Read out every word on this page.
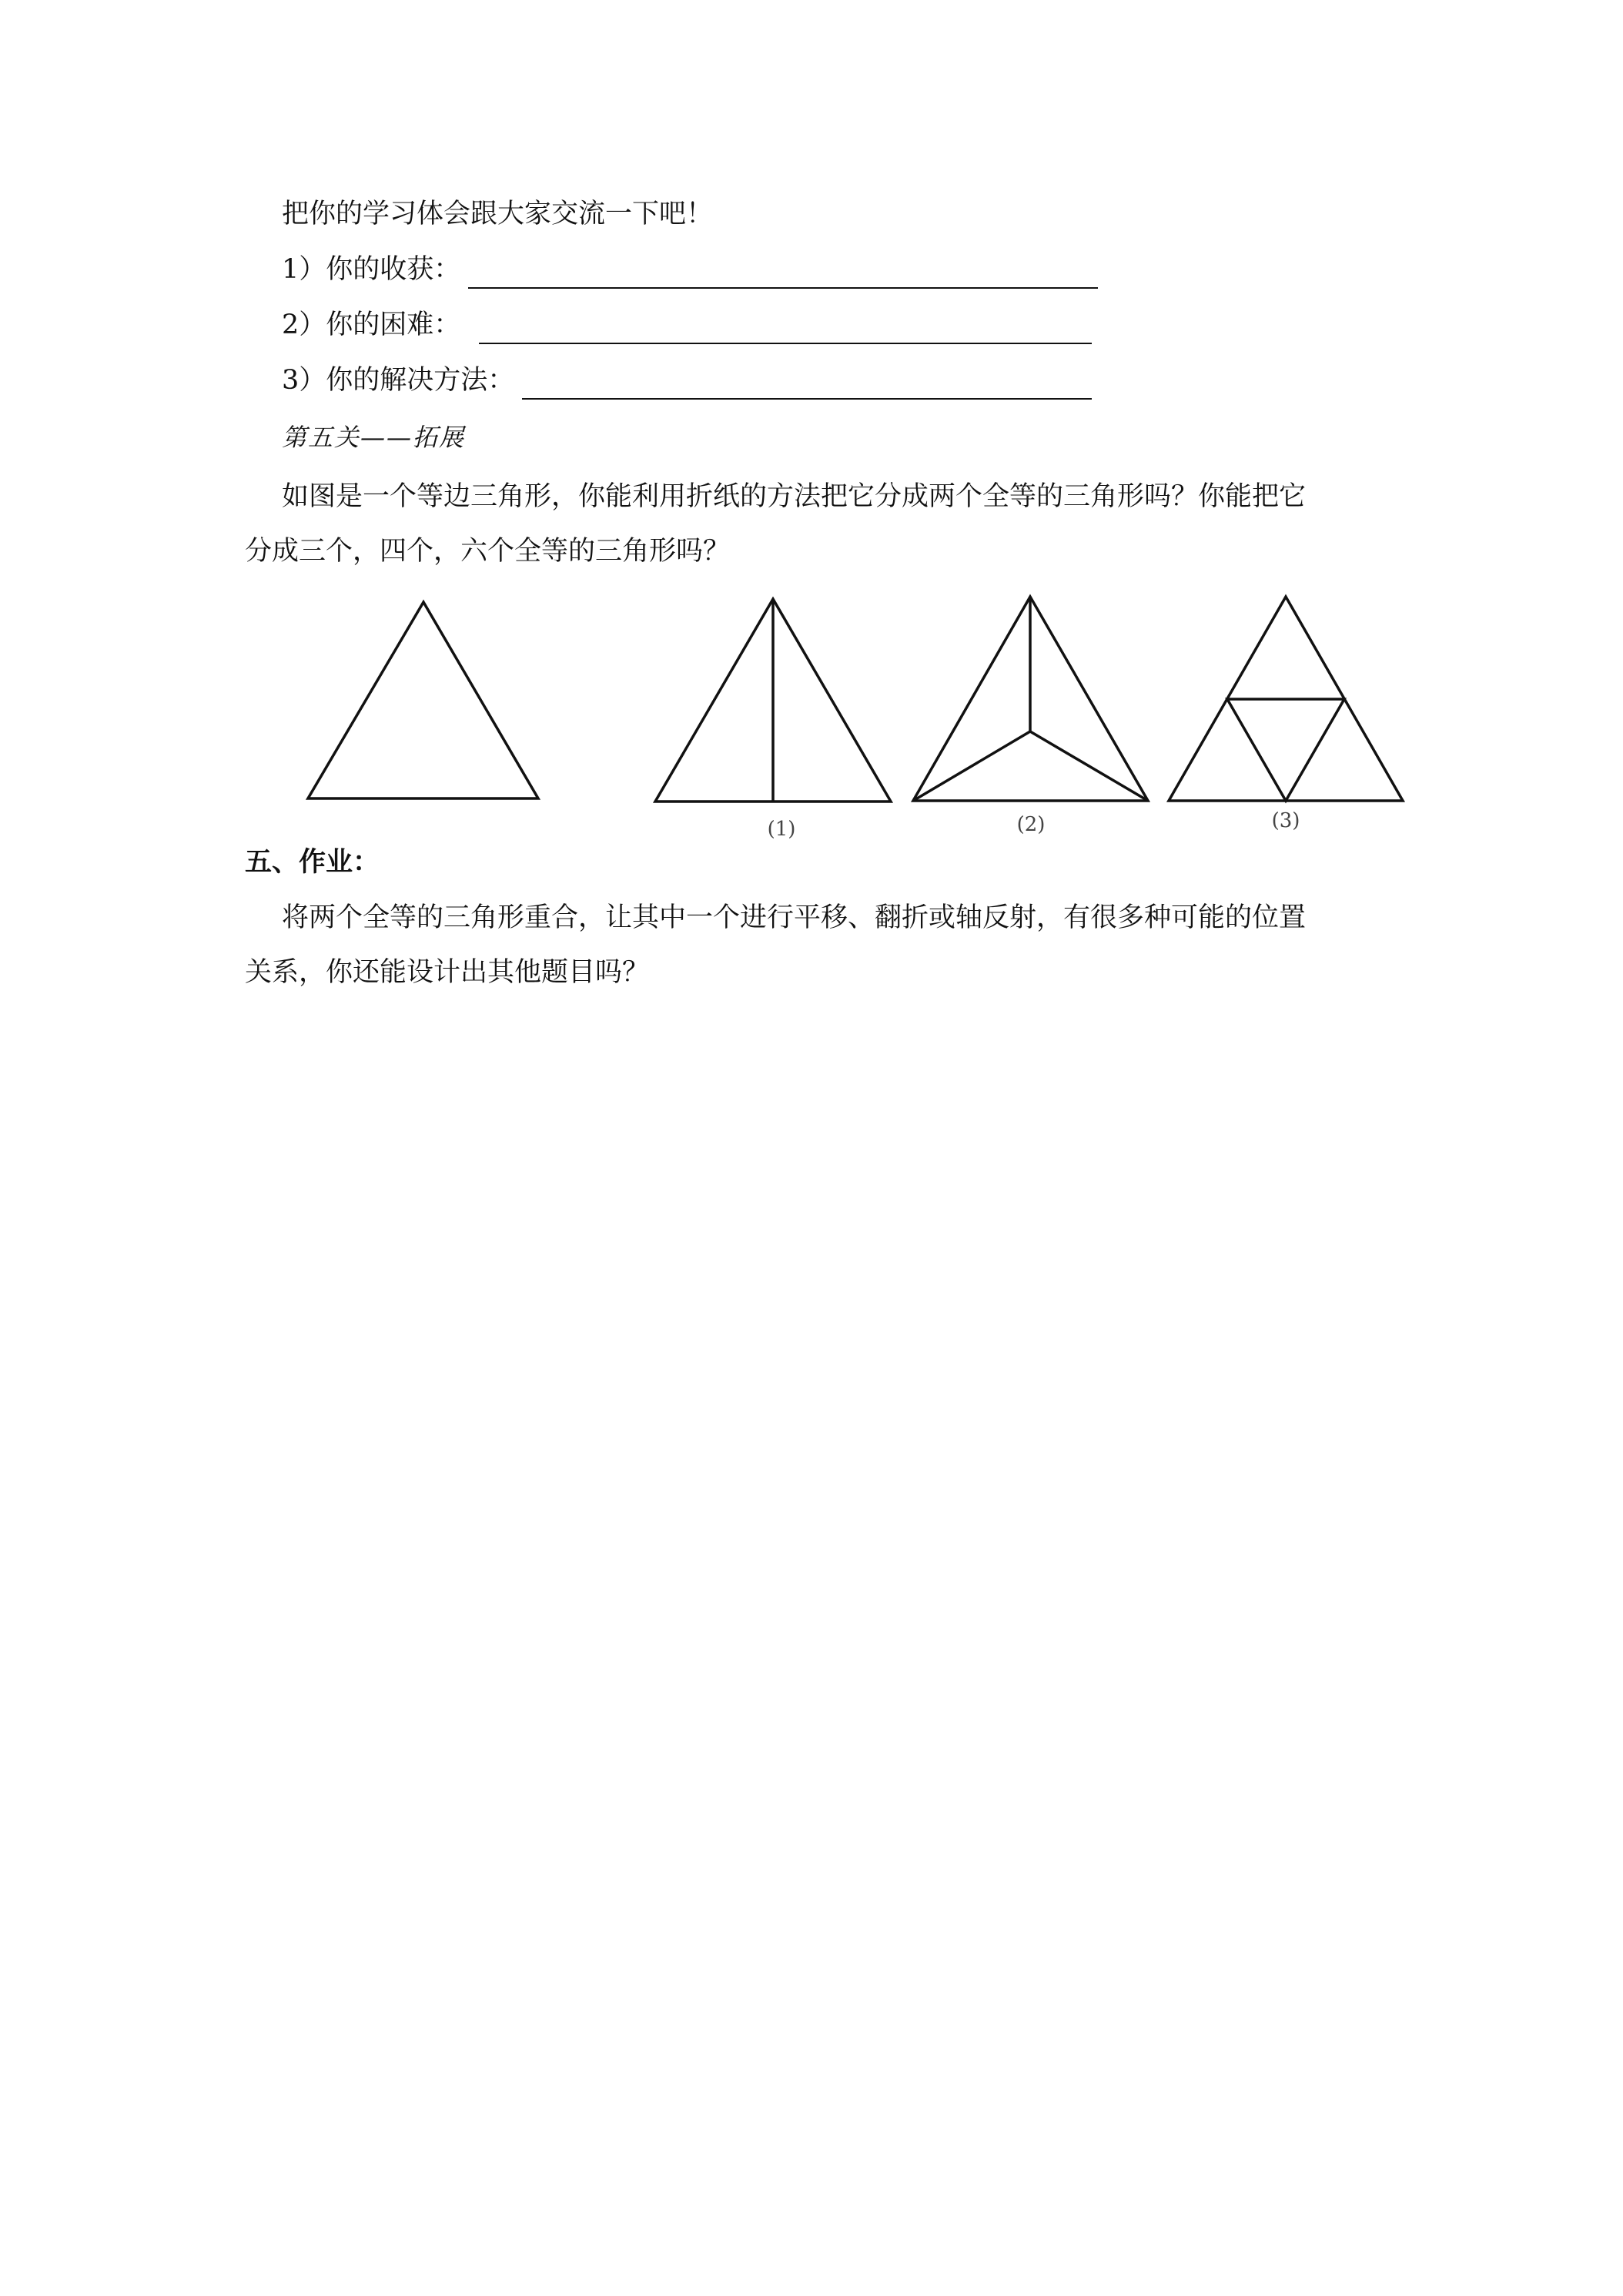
把你的学习体会跟大家交流一下吧！
1）你的收获：
2）你的困难：
3）你的解决方法：
第五关——拓展
如图是一个等边三角形，你能利用折纸的方法把它分成两个全等的三角形吗？你能把它
分成三个，四个，六个全等的三角形吗？
(1)	(2)	(3)
五、作业：
将两个全等的三角形重合，让其中一个进行平移、翻折或轴反射，有很多种可能的位置
关系，你还能设计出其他题目吗？
